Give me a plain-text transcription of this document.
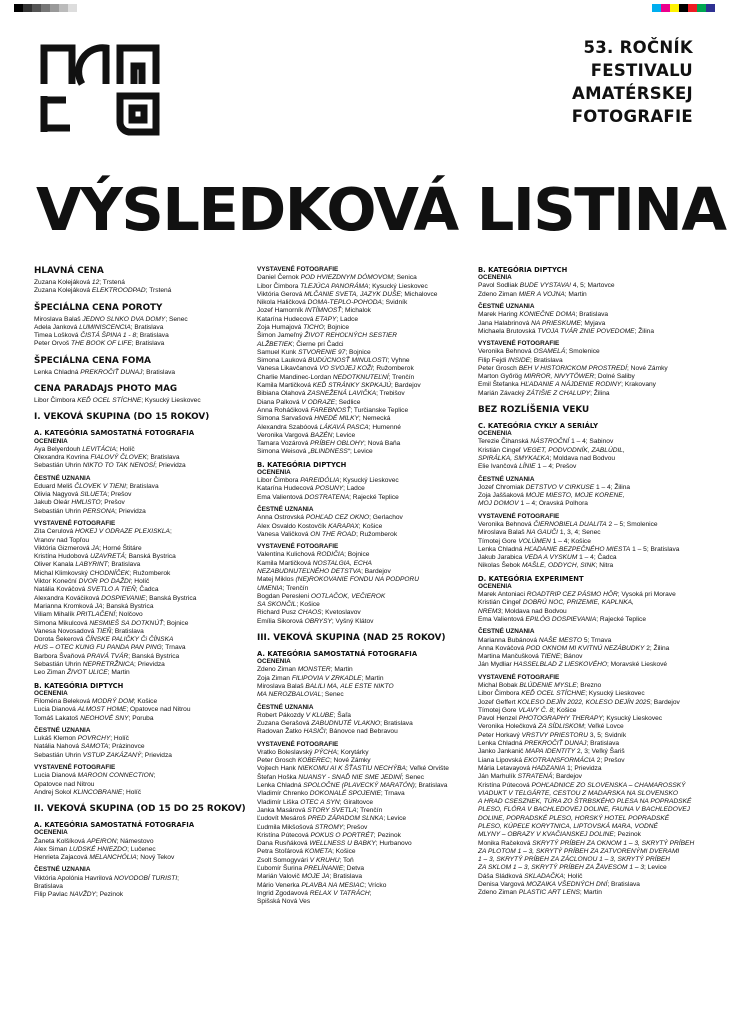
53. ROČNÍK
FESTIVALU
AMATÉRSKEJ
FOTOGRAFIE
VÝSLEDKOVÁ LISTINA
HLAVNÁ CENA
Zuzana Kolejáková 12; Trstená
Zuzana Kolejáková ELEKTROODPAD; Trstená
ŠPECIÁLNA CENA POROTY
Miroslava Balaš JEDNO SLNKO DVA DOMY; Senec
Adela Janková LUMINISCENCIA; Bratislava
Timea Lošková ČISTÁ ŠPINA 1 - 8; Bratislava
Peter Orvoš THE BOOK OF LIFE; Bratislava
ŠPECIÁLNA CENA FOMA
Lenka Chladná PREKROČIŤ DUNAJ; Bratislava
CENA PARADAJS PHOTO MAG
Libor Čimbora KEĎ OCEL STÍCHNE; Kysucký Lieskovec
I. VEKOVÁ SKUPINA (DO 15 ROKOV)
A. KATEGÓRIA SAMOSTATNÁ FOTOGRAFIA
OCENENIA
Aya Belyerdouh LEVITÁCIA; Holíč
Olexandra Kovrina FIALOVÝ ČLOVEK; Bratislava
Sebastián Uhrin NIKTO TO TAK NENOSÍ; Prievidza
ČESTNÉ UZNANIA
Eduard Meliš ČLOVEK V TIENI; Bratislava
Olivia Nagyová SILUETA; Prešov
Jakub Oleár HMLISTO; Prešov
Sebastián Uhrin PERSONA; Prievidza
VYSTAVENÉ FOTOGRAFIE
Zita Cerulová HOKEJ V ODRAZE PLEXISKLA;
Vranov nad Topľou
Viktória Gizmerová JA; Horné Štitáre
Kristína Hudobová UZAVRETÁ; Banská Bystrica
Oliver Kanala LABYRINT; Bratislava
Michal Klimkovský CHODNÍČEK; Ružomberok
Viktor Koneční DVOR PO DAŽDI; Holíč
Natália Kováčová SVETLO A TIEŇ; Čadca
Alexandra Kováčiková DOSPIEVANIE; Banská Bystrica
Marianna Kromková JA; Banská Bystrica
Viliam Mihalík PRITLAČENÍ; Nolčovo
Simona Mikulcová NESMIEŠ SA DOTKNÚŤ; Bojnice
Vanesa Novosadová TIEŇ; Bratislava
Dorota Šekerová ČÍNSKE PALIČKY Či ČÍNSKA
HUS – OTEC KUNG FU PANDA PAN PING; Trnava
Barbora Švaňová PRAVÁ TVÁR; Banská Bystrica
Sebastián Uhrin NEPRETRŽNICA; Prievidza
Leo Ziman ŽIVOT ULICE; Martin
B. KATEGÓRIA DIPTYCH
OCENENIA
Filoména Beleková MODRÝ DOM; Košice
Lucia Dianová ALMOST HOME; Opatovce nad Nitrou
Tomáš Lakatoš NEOHOVÉ SNY; Poruba
ČESTNÉ UZNANIA
Lukáš Klemon POVRCHY; Holíč
Natália Nahová SAMOTA; Prázinovce
Sebastián Uhrin VSTUP ZAKÁZANÝ; Prievidza
VYSTAVENÉ FOTOGRAFIE
Lucia Dianová MAROON CONNECTION;
Opatovce nad Nitrou
Andrej Sokol KLINCOBRANIE; Holíč
II. VEKOVÁ SKUPINA (OD 15 DO 25 ROKOV)
A. KATEGÓRIA SAMOSTATNÁ FOTOGRAFIA
OCENENIA
Žaneta Kolšíková APEIRON; Námestovo
Alex Siman LUDSKÉ HNIEZDO; Lučenec
Henrieta Zajacová MELANCHÓLIA; Nový Tekov
ČESTNÉ UZNANIA
Viktória Apolónia Havrilová NOVODOBÍ TURISTI;
Bratislava
Filip Pavlac NAVŽDY; Pezinok
VYSTAVENÉ FOTOGRAFIE
Daniel Černok POD HVIEZDNYM DÓMOVOM; Senica
Libor Čimbora TLEJÚCA PANORÁMA; Kysucký Lieskovec
Viktória Gerová MLČANIE SVETA, JAZYK DUŠE; Michalovce
Nikola Haličková DOMA-TEPLO-POHODA; Svidník
Jozef Hamorník INTÍMNOSŤ; Michalok
Katarína Hudecová ETAPY; Ladce
Zoja Humajová TICHO; Bojnice
Šimon Jameľný ŽIVOT REHOĽNÝCH SESTIER
ALŽBETIEK; Čierne pri Čadci
Samuel Kunk STVORENIE 97; Bojnice
Simona Lauková BUDÚCNOSŤ MINULOSTI; Vyhne
Vanesa Likavčanová VO SVOJEJ KOŽI; Ružomberok
Charlie Mandinec-Lordan NEDOTKNUTEĽNÍ; Trenčín
Kamila Martičková KEĎ STRÁNKY SKPKAJÚ; Bardejov
Bibiana Olahová ZASNEŽENÁ LAVIČKA; Trebišov
Diana Palková V ODRAZE; Sedlice
Anna Roháčiková FAREBNOSŤ; Turčianske Teplice
Simona Sarvašová HNEDÉ MILKY; Nemecká
Alexandra Szabóová LÁKAVÁ PASCA; Humenné
Veronika Vargová BAZÉN; Levice
Tamara Vozárová PRÍBEH OBLOHY; Nová Baňa
Simona Weisová „BLINDNESS“; Levice
B. KATEGÓRIA DIPTYCH
OCENENIA
Libor Čimbora PAREIDÓLIA; Kysucký Lieskovec
Katarína Hudecová POSUNY; Ladce
Ema Valientová DOSTRATENA; Rajecké Teplice
ČESTNÉ UZNANIA
Anna Ostrovská POHĽAD CEZ OKNO; Gerlachov
Alex Osvaldo Kostovčík KARAPAX; Košice
Vanesa Valičková ON THE ROAD; Ružomberok
VYSTAVENÉ FOTOGRAFIE
Valentína Kulichová RODIČIA; Bojnice
Kamila Martičková NOSTALGIA, ECHA
NEZABUDNUTEĽNÉHO DETSTVA; Bardejov
Matej Miklos (NE)ROKOVANIE FONDU NA PODPORU
UMENIA; Trenčín
Bogdan Peresleni OOTLAČOK, VEČIEROK
SA SKONČIL; Košice
Richard Pusz CHAOS; Kvetoslavov
Emília Sikorová OBRYSY; Vyšný Klátov
III. VEKOVÁ SKUPINA (NAD 25 ROKOV)
A. KATEGÓRIA SAMOSTATNÁ FOTOGRAFIA
OCENENIA
Zdeno Ziman MONSTER; Martin
Zoja Ziman FILIPOVIA V ZRKADLE; Martin
Miroslava Balaš BALILI MA, ALE ESTE NIKTO
MA NEROZBALOVAL; Senec
ČESTNÉ UZNANIA
Robert Pákozdy V KLUBE; Šaľa
Zuzana Gerašová ZABUDNUTÉ VLAKNO; Bratislava
Radovan Žatko HASIČI; Bánovce nad Bebravou
VYSTAVENÉ FOTOGRAFIE
Vratko Boleslavský PÝCHA; Korytárky
Peter Grosch KOBEREC; Nové Zámky
Vojtech Hank NIEKOMU AI K ŠŤASTIU NECHÝBA; Veľké Orvište
Štefan Hoška NUANSY - SNAĎ NIE SME JEDINÍ; Senec
Lenka Chladná SPOLOČNE (PLAVECKÝ MARATÓN); Bratislava
Vladimír Chrenko DOKONALÉ SPOJENIE; Trnava
Vladimír Liška OTEC A SYN; Giraltovce
Janka Masárová STORY SVETLA; Trenčín
Ľudovít Mesároš PRED ZÁPADOM SLNKA; Levice
Ľudmila Mikšošová STROMY; Prešov
Kristína Pútecová POKUS O PORTRÉT; Pezinok
Dana Rusňáková WELLNESS U BABKY; Hurbanovo
Petra Stoľárová KOMETA; Košice
Zsolt Somogyvári V KRUHU; Toň
Ľubomír Šurina PRELÍNANIE; Detva
Marián Valovič MOJE JA; Bratislava
Mário Venerka PLAVBA NA MESIAC; Vrícko
Ingrid Zgodavová RELAX V TATRÁCH;
Spišská Nová Ves
B. KATEGÓRIA DIPTYCH
OCENENIA
Pavol Sodliak BUDE VYSTAVA! 4, 5; Martovce
Zdeno Ziman MIER A VOJNA; Martin
ČESTNÉ UZNANIA
Marek Haring KONIEČNE DOMA; Bratislava
Jana Halabrinová NA PRIESKUME; Myjava
Michaela Brutovská TVOJA TVÁR ZNIE POVEDOME; Žilina
VYSTAVENÉ FOTOGRAFIE
Veronika Behnová OSAMELÁ; Smolenice
Filip Fejdi INSIDE; Bratislava
Peter Grosch BEH V HISTORICKOM PROSTREDÍ; Nové Zámky
Marton Győrög MIRROR, NIVYTÖWER; Dolné Saliby
Emil Štefanka HĽADANIE A NÁJDENIE RODINY; Krakovany
Marián Závacký ZÁTIŠIE Z CHALUPY; Žilina
BEZ ROZLÍŠENIA VEKU
C. KATEGÓRIA CYKLY A SERIÁLY
OCENENIA
Terezie Čihanská NÁSTROČNÍ 1 – 4; Sabinov
Kristián Cingeľ VEGET, PODVODNÍK, ZABLÚDIL,
SPIRÁLKA, SMYKAĽKA; Moldava nad Bodvou
Elie Ivančová LÍNIE 1 – 4; Prešov
ČESTNÉ UZNANIA
Jozef Chromiak DETSTVO V CIRKUSE 1 – 4; Žilina
Zoja Jaššaková MOJE MIESTO, MOJE KORENE,
MOJ DOMOV 1 – 4; Oravská Polhora
VYSTAVENÉ FOTOGRAFIE
Veronika Behnová ČIERNOBIELA DUALITA 2 – 5; Smolenice
Miroslava Balaš NA GAUČI 1, 3, 4; Senec
Tímotej Gore VOLÚMEN 1 – 4; Košice
Lenka Chladná HĽADANIE BEZPEČNÉHO MIESTA 1 – 5; Bratislava
Jakub Jarabica VEDA A VYSKUM 1 – 4; Čadca
Nikolas Šebok MAŠLE, ODDYCH, SINK; Nitra
D. KATEGÓRIA EXPERIMENT
OCENENIA
Marek Antoniaci ROADTRIP CEZ PÁSMO HÔR; Vysoká pri Morave
Kristián Cingeľ DOBRÚ NOC, PRIZEMIE, KAPLNKA,
NREM3; Moldava nad Bodvou
Ema Valientová EPILÓG DOSPIEVANIA; Rajecké Teplice
ČESTNÉ UZNANIA
Marianna Bubánová NAŠE MESTO 5; Trnava
Anna Kováčová POD OKNOM MI KVITNÚ NEZÁBUDKY 2; Žilina
Martina Mančušková TIENE; Bánov
Ján Mydliar HASSELBLAD Z LIESKOVÉHO; Moravské Lieskové
VYSTAVENÉ FOTOGRAFIE
Michal Bobak BLÚDENIE MYSLE; Brezno
Libor Čimbora KEĎ OCEL STÍCHNE; Kysucký Lieskovec
Jozef Geffert KOLESO DEJÍN 2022, KOLESO DEJÍN 2025; Bardejov
Tímotej Gore VLAVY Č. 8; Košice
Pavol Henzel PHOTOGRAPHY THERAPY; Kysucký Lieskovec
Veronika Holečková ZA SÍDLISKOM; Veľké Lovce
Peter Horkavý VRSTVY PRIESTORU 3, 5; Svidník
Lenka Chladná PREKROČIŤ DUNAJ; Bratislava
Janko Jankanič MAPA IDENTITY 2, 3; Veľký Šariš
Liana Lipovská EKOTRANSFORMÁCIA 2; Prešov
Mária Letavayová HADZANIA 1; Prievidza
Ján Marhulík STRATENÁ; Bardejov
Kristína Pútecová POHĽADNICE ZO SLOVENSKA – CHAMAROSSKÝ
VIADUKT V TELGÁRTE, CESTOU Z MADARSKA NA SLOVENSKO
A HRAD CSESZNEK, TÚRA ZO ŠTRBSKÉHO PLESA NA POPRADSKÉ
PLESO, FLÓRA V BACHLEDOVEJ DOLINE, FAUNA V BACHLEDOVEJ
DOLINE, POPRADSKÉ PLESO, HORSKÝ HOTEL POPRADSKÉ
PLESO, KÚPEĽE KORYTNICA, LIPTOVSKÁ MARA, VODNÉ
MLYNY – OBRAZY V KVAČIANSKEJ DOLINE; Pezinok
Monika Račeková SKRYTÝ PRÍBEH ZA OKNOM 1 – 3, SKRYTÝ PRÍBEH
ZA PLOTOM 1 – 3, SKRYTÝ PRÍBEH ZA ZATVORENÝMI DVERAMI
1 – 3, SKRYTÝ PRÍBEH ZA ZÁCLONOU 1 – 3, SKRYTÝ PRÍBEH
ZA SKLOM 1 – 3, SKRYTÝ PRÍBEH ZA ŽAVESOM 1 – 3; Levice
Dáša Sládková SKLADAČKA; Holíč
Denisa Vargová MOZAIKA VŠEDNÝCH DNÍ; Bratislava
Zdeno Ziman PLASTIC ART LENS; Martin
